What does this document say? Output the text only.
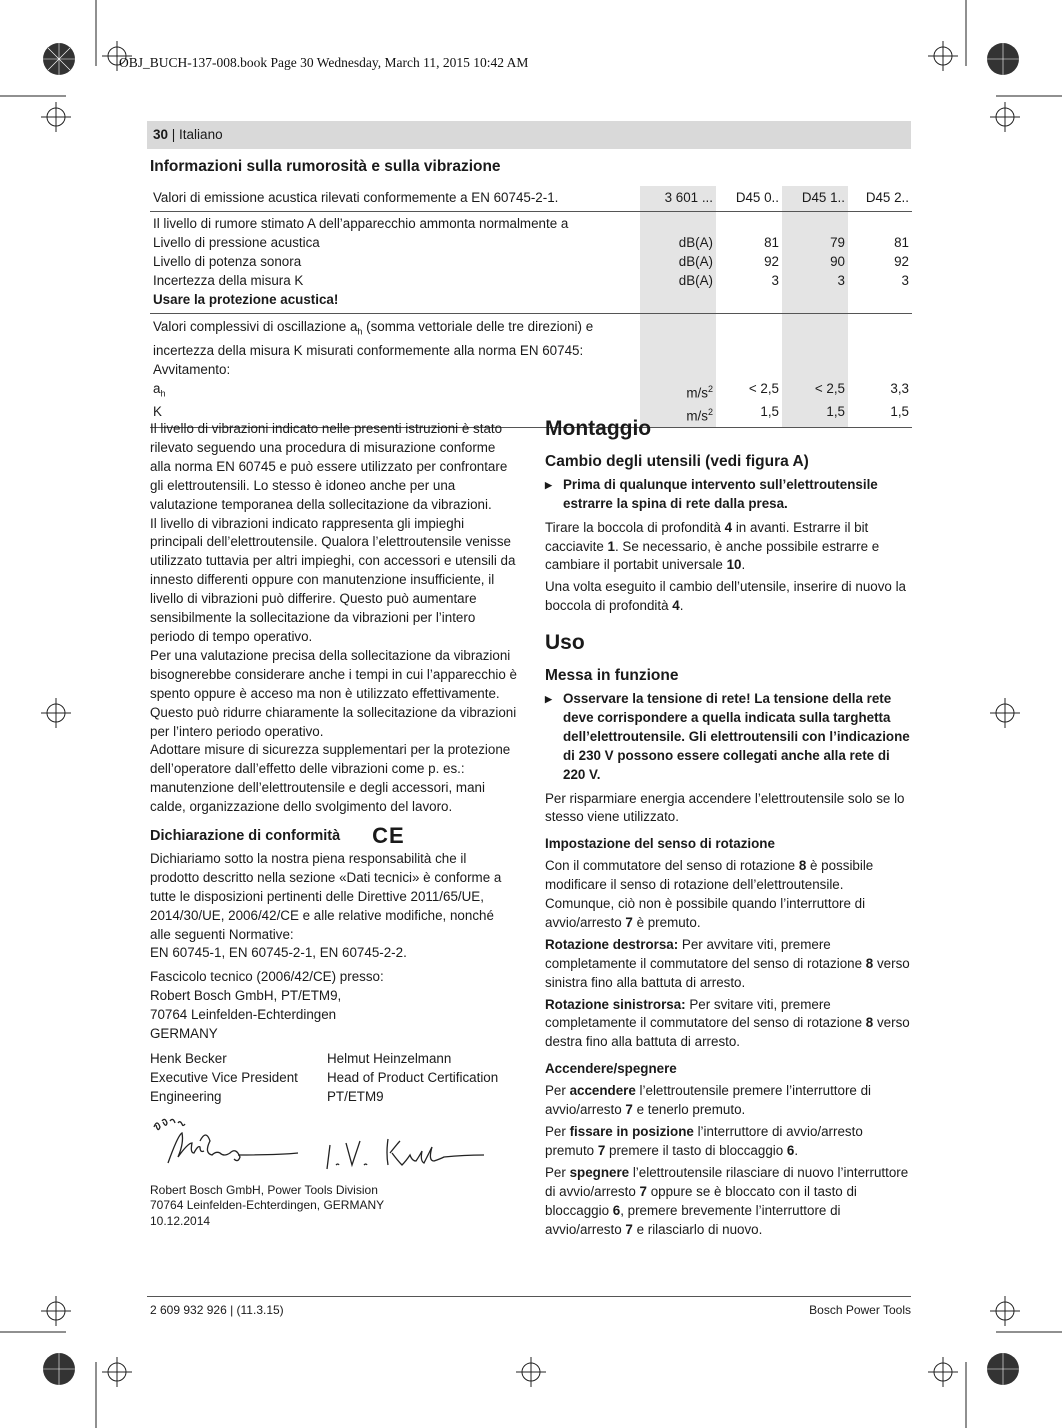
OBJ_BUCH-137-008.book Page 30 Wednesday, March 11, 2015 10:42 AM
30 | Italiano
Informazioni sulla rumorosità e sulla vibrazione
Valori di emissione acustica rilevati conformemente a EN 60745-2-1.	3 601 ...	D45 0..	D45 1..	D45 2..
Il livello di rumore stimato A dell’apparecchio ammonta normalmente a				
Livello di pressione acustica	dB(A)	81	79	81
Livello di potenza sonora	dB(A)	92	90	92
Incertezza della misura K	dB(A)	3	3	3
Usare la protezione acustica!				
Valori complessivi di oscillazione $a_h$ (somma vettoriale delle tre direzioni) e
incertezza della misura K misurati conformemente alla norma EN 60745:
Avvitamento:				
$a_h$	$m/s^2$	< 2,5	< 2,5	3,3
K	$m/s^2$	1,5	1,5	1,5

Il livello di vibrazioni indicato nelle presenti istruzioni è stato rilevato seguendo una procedura di misurazione conforme alla norma EN 60745 e può essere utilizzato per confrontare gli elettroutensili. Lo stesso è idoneo anche per una valutazione temporanea della sollecitazione da vibrazioni.

Il livello di vibrazioni indicato rappresenta gli impieghi principali dell’elettroutensile. Qualora l’elettroutensile venisse utilizzato tuttavia per altri impieghi, con accessori e utensili da innesto differenti oppure con manutenzione insufficiente, il livello di vibrazioni può differire. Questo può aumentare sensibilmente la sollecitazione da vibrazioni per l’intero periodo di tempo operativo.

Per una valutazione precisa della sollecitazione da vibrazioni bisognerebbe considerare anche i tempi in cui l’apparecchio è spento oppure è acceso ma non è utilizzato effettivamente. Questo può ridurre chiaramente la sollecitazione da vibrazioni per l’intero periodo operativo.

Adottare misure di sicurezza supplementari per la protezione dell’operatore dall’effetto delle vibrazioni come p. es.: manutenzione dell’elettroutensile e degli accessori, mani calde, organizzazione dello svolgimento del lavoro.

Dichiarazione di conformità CE

Dichiariamo sotto la nostra piena responsabilità che il prodotto descritto nella sezione «Dati tecnici» è conforme a tutte le disposizioni pertinenti delle Direttive 2011/65/UE, 2014/30/UE, 2006/42/CE e alle relative modifiche, nonché alle seguenti Normative:

EN 60745-1, EN 60745-2-1, EN 60745-2-2.

Fascicolo tecnico (2006/42/CE) presso:
Robert Bosch GmbH, PT/ETM9,
70764 Leinfelden-Echterdingen
GERMANY

Henk Becker
Executive Vice President
Engineering
Helmut Heinzelmann
Head of Product Certification
PT/ETM9
Robert Bosch GmbH, Power Tools Division
70764 Leinfelden-Echterdingen, GERMANY
10.12.2014
Montaggio
Cambio degli utensili (vedi figura A)
▶ Prima di qualunque intervento sull’elettroutensile estrarre la spina di rete dalla presa.

Tirare la boccola di profondità 4 in avanti. Estrarre il bit cacciavite 1. Se necessario, è anche possibile estrarre e cambiare il portabit universale 10.

Una volta eseguito il cambio dell’utensile, inserire di nuovo la boccola di profondità 4.

Uso
Messa in funzione
▶ Osservare la tensione di rete! La tensione della rete deve corrispondere a quella indicata sulla targhetta dell’elettroutensile. Gli elettroutensili con l’indicazione di 230 V possono essere collegati anche alla rete di 220 V.

Per risparmiare energia accendere l’elettroutensile solo se lo stesso viene utilizzato.

Impostazione del senso di rotazione

Con il commutatore del senso di rotazione 8 è possibile modificare il senso di rotazione dell’elettroutensile. Comunque, ciò non è possibile quando l’interruttore di avvio/arresto 7 è premuto.

Rotazione destrorsa: Per avvitare viti, premere completamente il commutatore del senso di rotazione 8 verso sinistra fino alla battuta di arresto.

Rotazione sinistrorsa: Per svitare viti, premere completamente il commutatore del senso di rotazione 8 verso destra fino alla battuta di arresto.

Accendere/spegnere

Per accendere l’elettroutensile premere l’interruttore di avvio/arresto 7 e tenerlo premuto.

Per fissare in posizione l’interruttore di avvio/arresto premuto 7 premere il tasto di bloccaggio 6.

Per spegnere l’elettroutensile rilasciare di nuovo l’interruttore di avvio/arresto 7 oppure se è bloccato con il tasto di bloccaggio 6, premere brevemente l’interruttore di avvio/arresto 7 e rilasciarlo di nuovo.

2 609 932 926 | (11.3.15)	Bosch Power Tools
